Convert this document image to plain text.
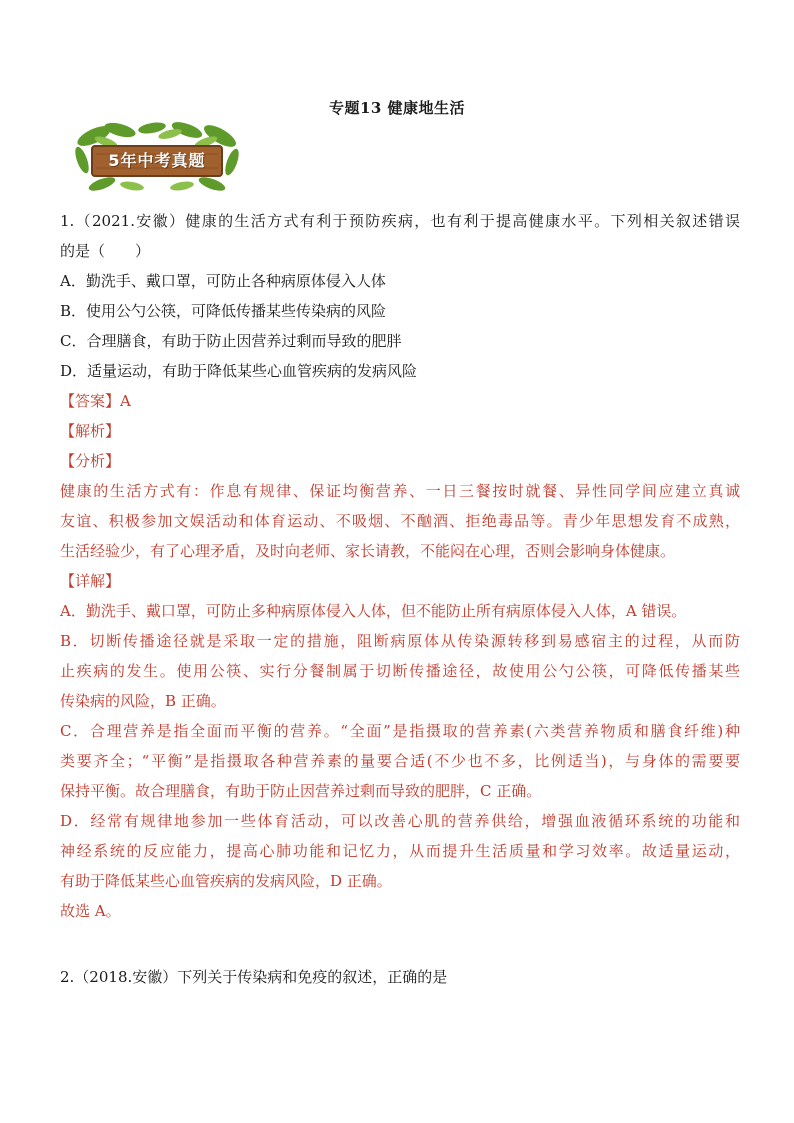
专题13 健康地生活
5年中考真题
1.（2021.安徽）健康的生活方式有利于预防疾病，也有利于提高健康水平。下列相关叙述错误
的是（　　）
A．勤洗手、戴口罩，可防止各种病原体侵入人体
B．使用公勺公筷，可降低传播某些传染病的风险
C．合理膳食，有助于防止因营养过剩而导致的肥胖
D．适量运动，有助于降低某些心血管疾病的发病风险
【答案】A
【解析】
【分析】
健康的生活方式有：作息有规律、保证均衡营养、一日三餐按时就餐、异性同学间应建立真诚
友谊、积极参加文娱活动和体育运动、不吸烟、不酗酒、拒绝毒品等。青少年思想发育不成熟，
生活经验少，有了心理矛盾，及时向老师、家长请教，不能闷在心理，否则会影响身体健康。
【详解】
A．勤洗手、戴口罩，可防止多种病原体侵入人体，但不能防止所有病原体侵入人体，A 错误。
B．切断传播途径就是采取一定的措施，阻断病原体从传染源转移到易感宿主的过程，从而防
止疾病的发生。使用公筷、实行分餐制属于切断传播途径，故使用公勺公筷，可降低传播某些
传染病的风险，B 正确。
C．合理营养是指全面而平衡的营养。“全面”是指摄取的营养素(六类营养物质和膳食纤维)种
类要齐全；“平衡”是指摄取各种营养素的量要合适(不少也不多，比例适当)，与身体的需要要
保持平衡。故合理膳食，有助于防止因营养过剩而导致的肥胖，C 正确。
D．经常有规律地参加一些体育活动，可以改善心肌的营养供给，增强血液循环系统的功能和
神经系统的反应能力，提高心肺功能和记忆力，从而提升生活质量和学习效率。故适量运动，
有助于降低某些心血管疾病的发病风险，D 正确。
故选 A。
2.（2018.安徽）下列关于传染病和免疫的叙述，正确的是
